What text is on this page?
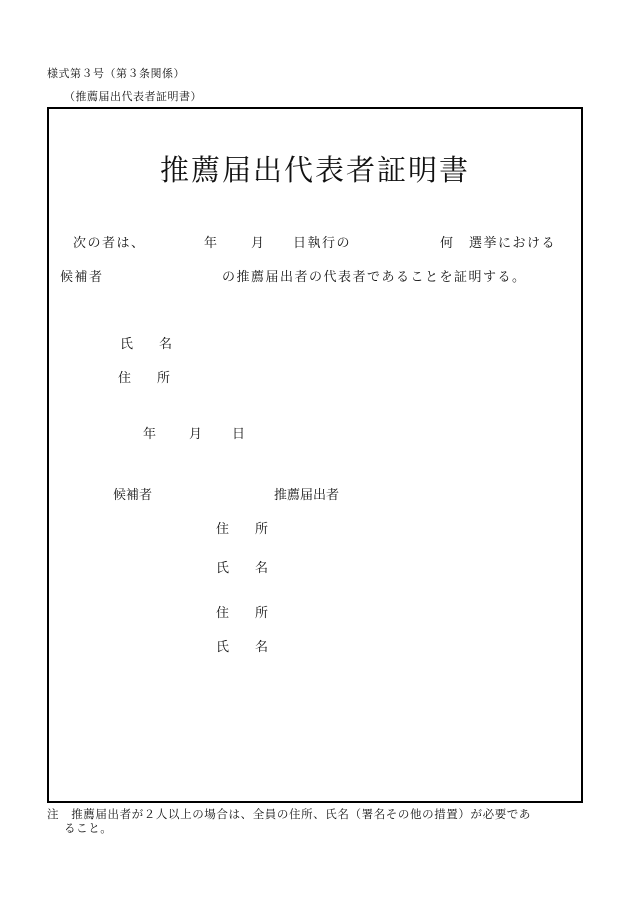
様式第３号（第３条関係）
（推薦届出代表者証明書）
推薦届出代表者証明書
次の者は、	年 月 日執行の	何 選挙における
候補者	の推薦届出者の代表者であることを証明する。
氏　　名
住　　所
年	月 日
候補者	推薦届出者
住　　所
氏　　名
住　　所
氏　　名
注　推薦届出者が２人以上の場合は、全員の住所、氏名（署名その他の措置）が必要であ
ること。
